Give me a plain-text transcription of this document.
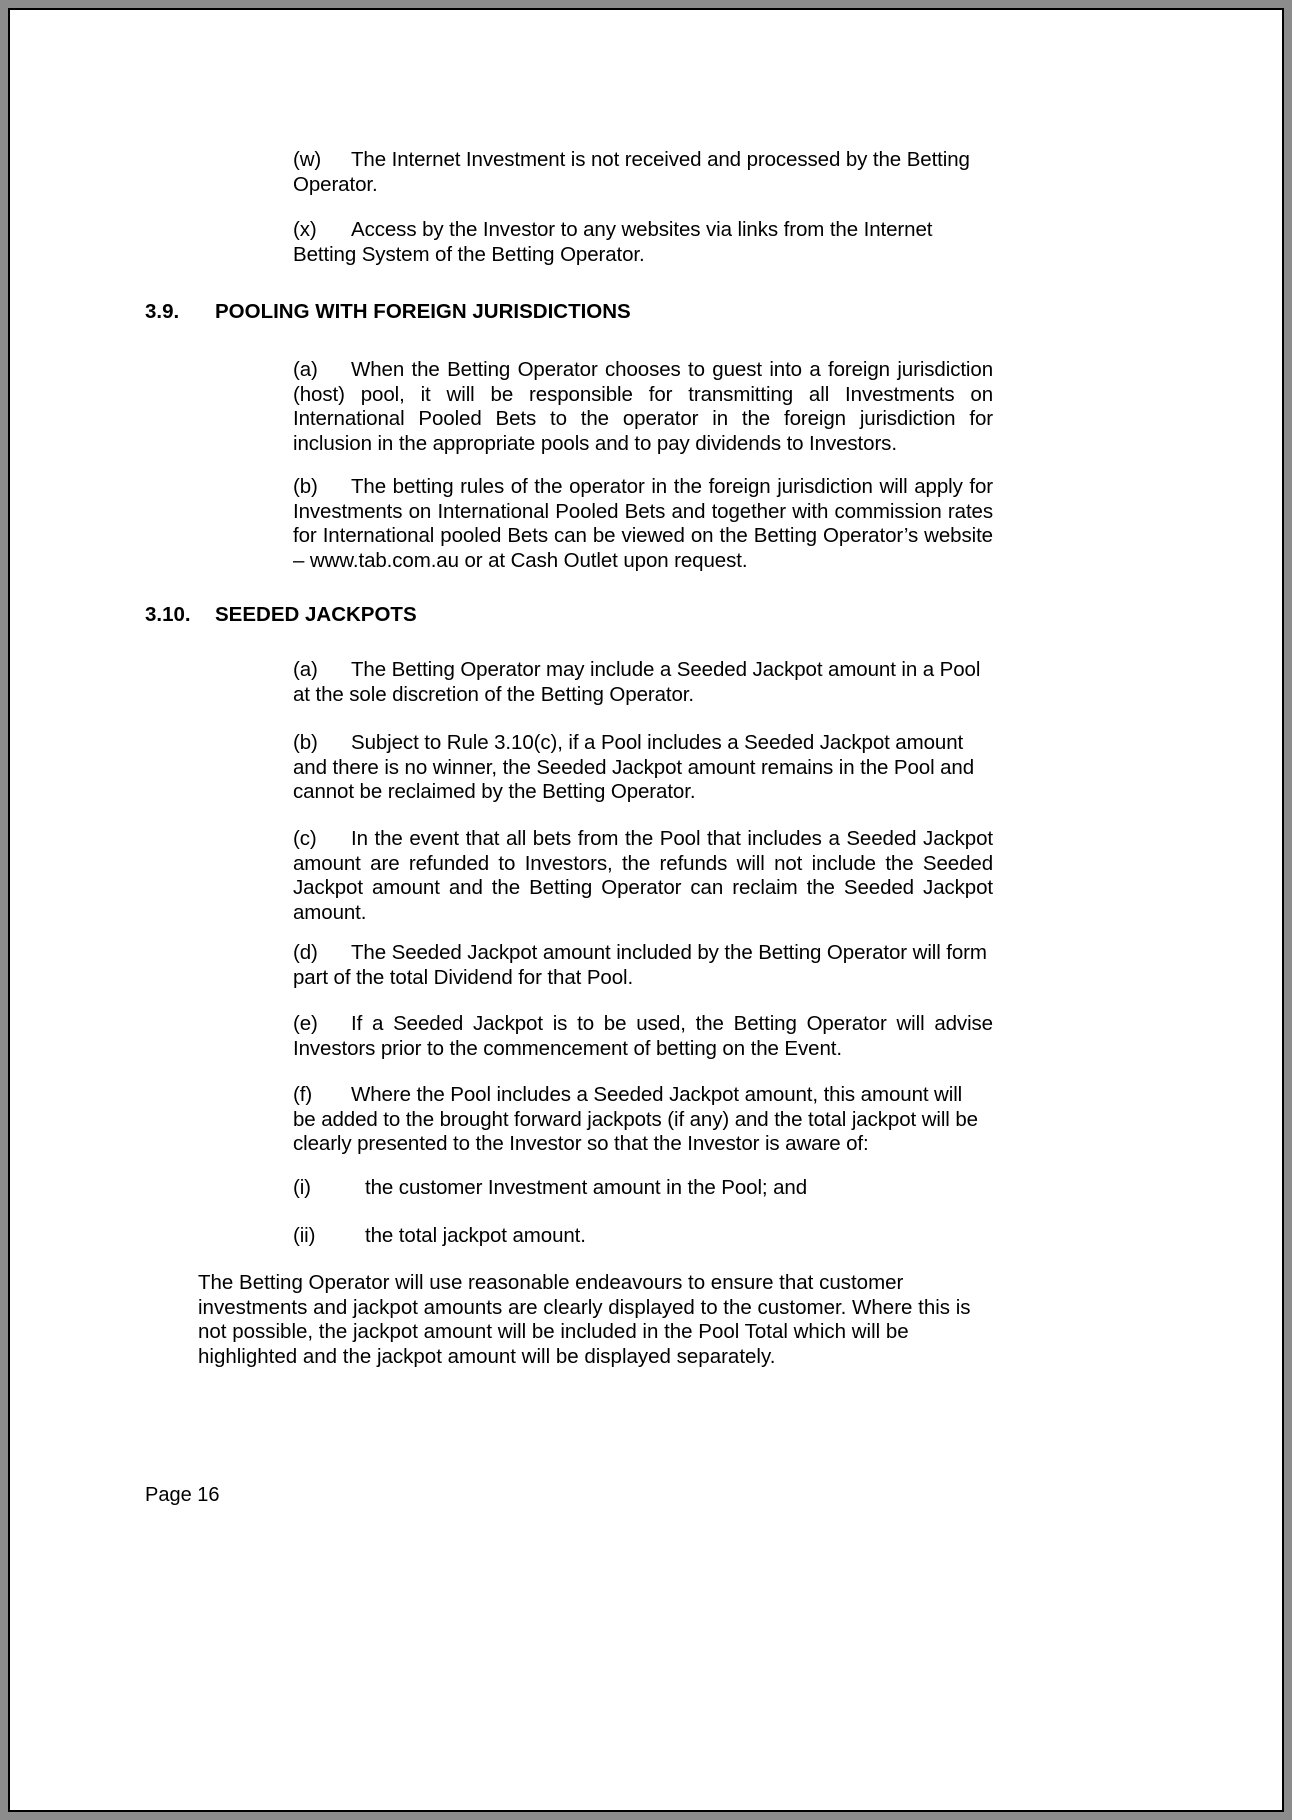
(w) The Internet Investment is not received and processed by the Betting Operator.
(x) Access by the Investor to any websites via links from the Internet Betting System of the Betting Operator.
3.9. POOLING WITH FOREIGN JURISDICTIONS
(a) When the Betting Operator chooses to guest into a foreign jurisdiction (host) pool, it will be responsible for transmitting all Investments on International Pooled Bets to the operator in the foreign jurisdiction for inclusion in the appropriate pools and to pay dividends to Investors.
(b) The betting rules of the operator in the foreign jurisdiction will apply for Investments on International Pooled Bets and together with commission rates for International pooled Bets can be viewed on the Betting Operator’s website – www.tab.com.au or at Cash Outlet upon request.
3.10. SEEDED JACKPOTS
(a) The Betting Operator may include a Seeded Jackpot amount in a Pool at the sole discretion of the Betting Operator.
(b) Subject to Rule 3.10(c), if a Pool includes a Seeded Jackpot amount and there is no winner, the Seeded Jackpot amount remains in the Pool and cannot be reclaimed by the Betting Operator.
(c) In the event that all bets from the Pool that includes a Seeded Jackpot amount are refunded to Investors, the refunds will not include the Seeded Jackpot amount and the Betting Operator can reclaim the Seeded Jackpot amount.
(d) The Seeded Jackpot amount included by the Betting Operator will form part of the total Dividend for that Pool.
(e) If a Seeded Jackpot is to be used, the Betting Operator will advise Investors prior to the commencement of betting on the Event.
(f) Where the Pool includes a Seeded Jackpot amount, this amount will be added to the brought forward jackpots (if any) and the total jackpot will be clearly presented to the Investor so that the Investor is aware of:
(i)	the customer Investment amount in the Pool; and
(ii) the total jackpot amount.
The Betting Operator will use reasonable endeavours to ensure that customer investments and jackpot amounts are clearly displayed to the customer. Where this is not possible, the jackpot amount will be included in the Pool Total which will be highlighted and the jackpot amount will be displayed separately.
Page 16
